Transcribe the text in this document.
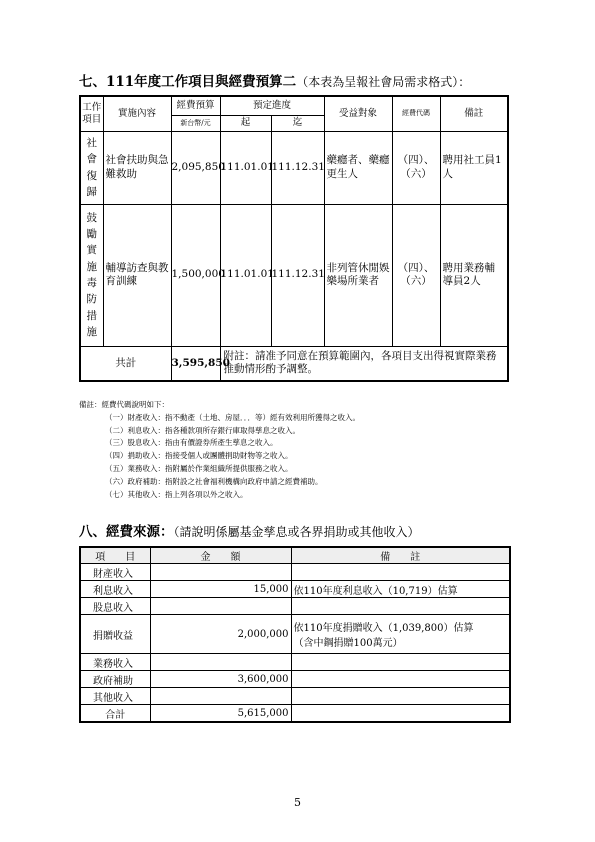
七、111年度工作項目與經費預算二（本表為呈報社會局需求格式）：
工作項目	實施內容	經費預算	預定進度		受益對象	經費代碼	備註
		新台幣/元	起	迄			

社會復歸	社會扶助與急難救助	2,095,850	111.01.01	111.12.31	藥癮者、藥癮更生人	（四）、（六）	聘用社工員1人

鼓勵實施毒防措施	輔導訪查與教育訓練	1,500,000	111.01.01	111.12.31	非列管休閒娛樂場所業者	（四）、（六）	聘用業務輔導員2人
共計		3,595,850	附註：請准予同意在預算範圍內，各項目支出得視實際業務推動情形酌予調整。				
備註：經費代碼說明如下：
（一）財產收入：指不動產（土地、房屋．．．等）經有效利用所獲得之收入。
（二）利息收入：指各種款項所存銀行庫取得孳息之收入。
（三）股息收入：指由有價證券所產生孳息之收入。
（四）捐助收入：指接受個人或團體捐助財物等之收入。
（五）業務收入：指附屬於作業組織所提供服務之收入。
（六）政府補助：指附設之社會福利機構向政府申請之經費補助。
（七）其他收入：指上列各項以外之收入。
八、經費來源：（請說明係屬基金孳息或各界捐助或其他收入）
項　　目	金　　額	備　　註
財產收入		
利息收入	15,000	依110年度利息收入（10,719）估算
股息收入		
捐贈收益	2,000,000	依110年度捐贈收入（1,039,800）估算
（含中鋼捐贈100萬元）

業務收入		
政府補助	3,600,000	
其他收入		
合計	5,615,000	
5
